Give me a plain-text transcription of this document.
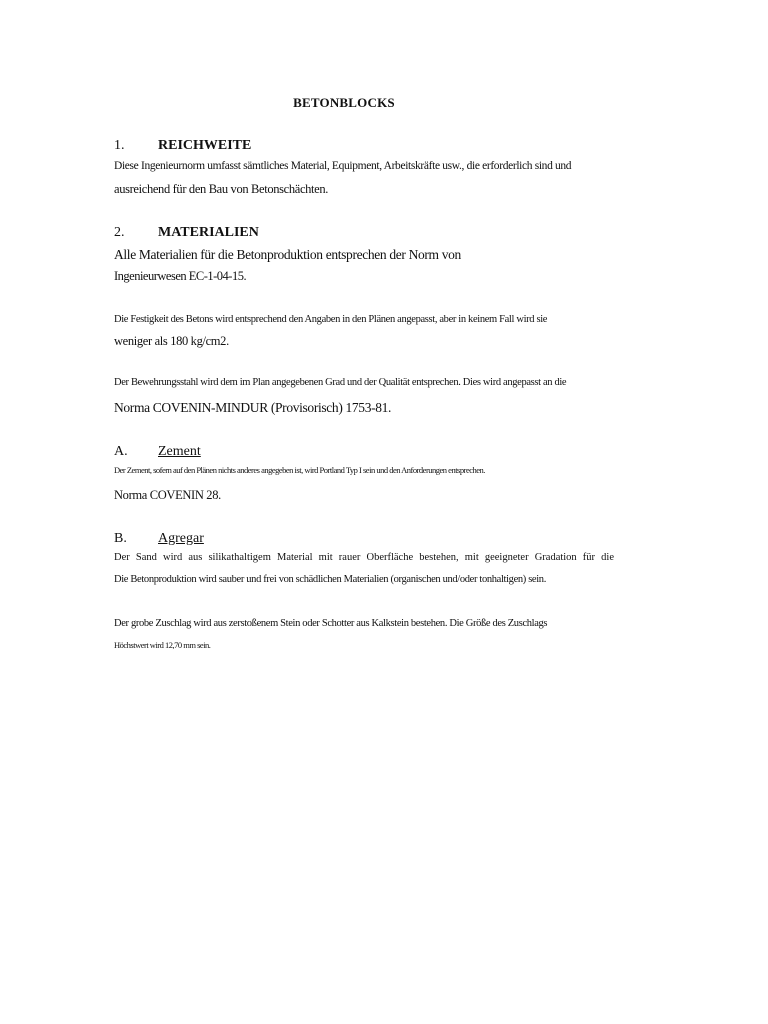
BETONBLOCKS
1. REICHWEITE
Diese Ingenieurnorm umfasst sämtliches Material, Equipment, Arbeitskräfte usw., die erforderlich sind und
ausreichend für den Bau von Betonschächten.
2. MATERIALIEN
Alle Materialien für die Betonproduktion entsprechen der Norm von
Ingenieurwesen EC-1-04-15.
Die Festigkeit des Betons wird entsprechend den Angaben in den Plänen angepasst, aber in keinem Fall wird sie
weniger als 180 kg/cm2.
Der Bewehrungsstahl wird dem im Plan angegebenen Grad und der Qualität entsprechen. Dies wird angepasst an die
Norma COVENIN-MINDUR (Provisorisch) 1753-81.
A. Zement
Der Zement, sofern auf den Plänen nichts anderes angegeben ist, wird Portland Typ I sein und den Anforderungen entsprechen.
Norma COVENIN 28.
B. Agregar
Der Sand wird aus silikathaltigem Material mit rauer Oberfläche bestehen, mit geeigneter Gradation für die
Die Betonproduktion wird sauber und frei von schädlichen Materialien (organischen und/oder tonhaltigen) sein.
Der grobe Zuschlag wird aus zerstoßenem Stein oder Schotter aus Kalkstein bestehen. Die Größe des Zuschlags
Höchstwert wird 12,70 mm sein.
